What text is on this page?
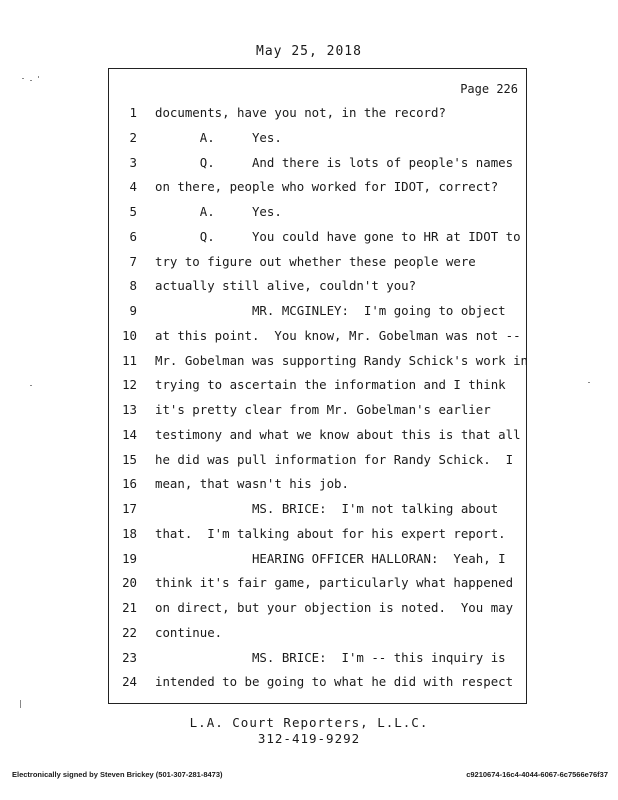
May 25, 2018
Page 226
1 documents, have you not, in the record?
2 A.     Yes.
3 Q.     And there is lots of people's names
4 on there, people who worked for IDOT, correct?
5 A.     Yes.
6 Q.     You could have gone to HR at IDOT to
7 try to figure out whether these people were
8 actually still alive, couldn't you?
9 MR. MCGINLEY:  I'm going to object
10 at this point.  You know, Mr. Gobelman was not --
11 Mr. Gobelman was supporting Randy Schick's work in
12 trying to ascertain the information and I think
13 it's pretty clear from Mr. Gobelman's earlier
14 testimony and what we know about this is that all
15 he did was pull information for Randy Schick.  I
16 mean, that wasn't his job.
17 MS. BRICE:  I'm not talking about
18 that.  I'm talking about for his expert report.
19 HEARING OFFICER HALLORAN:  Yeah, I
20 think it's fair game, particularly what happened
21 on direct, but your objection is noted.  You may
22 continue.
23 MS. BRICE:  I'm -- this inquiry is
24 intended to be going to what he did with respect
L.A. Court Reporters, L.L.C.
312-419-9292
Electronically signed by Steven Brickey (501-307-281-8473)	c9210674-16c4-4044-6067-6c7566e76f37
